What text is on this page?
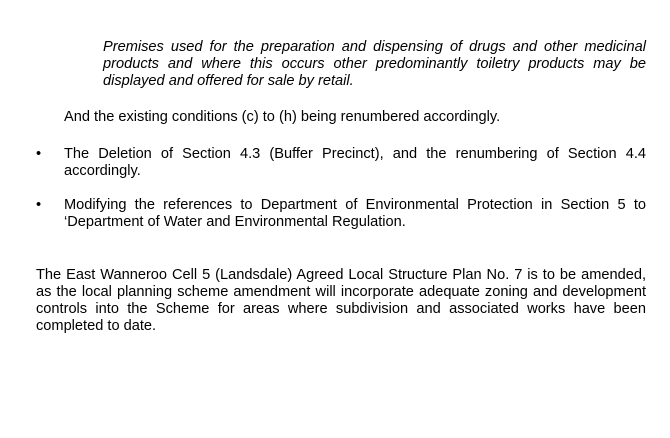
Premises used for the preparation and dispensing of drugs and other medicinal products and where this occurs other predominantly toiletry products may be displayed and offered for sale by retail.
And the existing conditions (c) to (h) being renumbered accordingly.
•	The Deletion of Section 4.3 (Buffer Precinct), and the renumbering of Section 4.4 accordingly.
•	Modifying the references to Department of Environmental Protection in Section 5 to ‘Department of Water and Environmental Regulation.
The East Wanneroo Cell 5 (Landsdale) Agreed Local Structure Plan No. 7 is to be amended, as the local planning scheme amendment will incorporate adequate zoning and development controls into the Scheme for areas where subdivision and associated works have been completed to date.
